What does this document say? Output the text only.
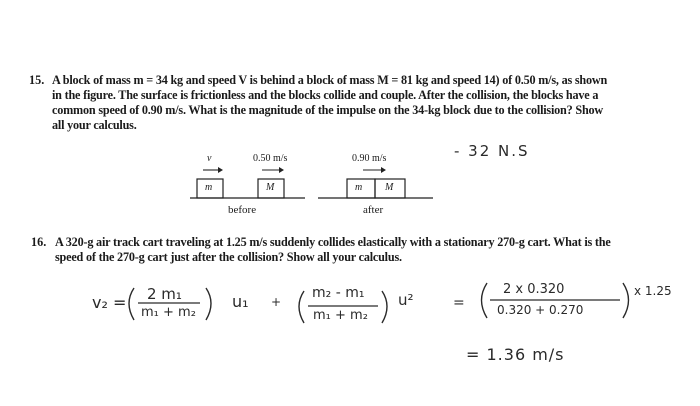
15. A block of mass m = 34 kg and speed V is behind a block of mass M = 81 kg and speed 14) of 0.50 m/s, as shown
in the figure. The surface is frictionless and the blocks collide and couple. After the collision, the blocks have a
common speed of 0.90 m/s. What is the magnitude of the impulse on the 34-kg block due to the collision? Show
all your calculus.
v	0.50 m/s	0.90 m/s
m	M	m M
before	after
- 32 N.S
16. A 320-g air track cart traveling at 1.25 m/s suddenly collides elastically with a stationary 270-g cart. What is the
speed of the 270-g cart just after the collision? Show all your calculus.
v₂ = 2 m₁
m₁ + m₂
u₁ +
m₂ - m₁
m₁ + m₂
u²	=
2 x 0.320
0.320 + 0.270
x 1.25
= 1.36 m/s
